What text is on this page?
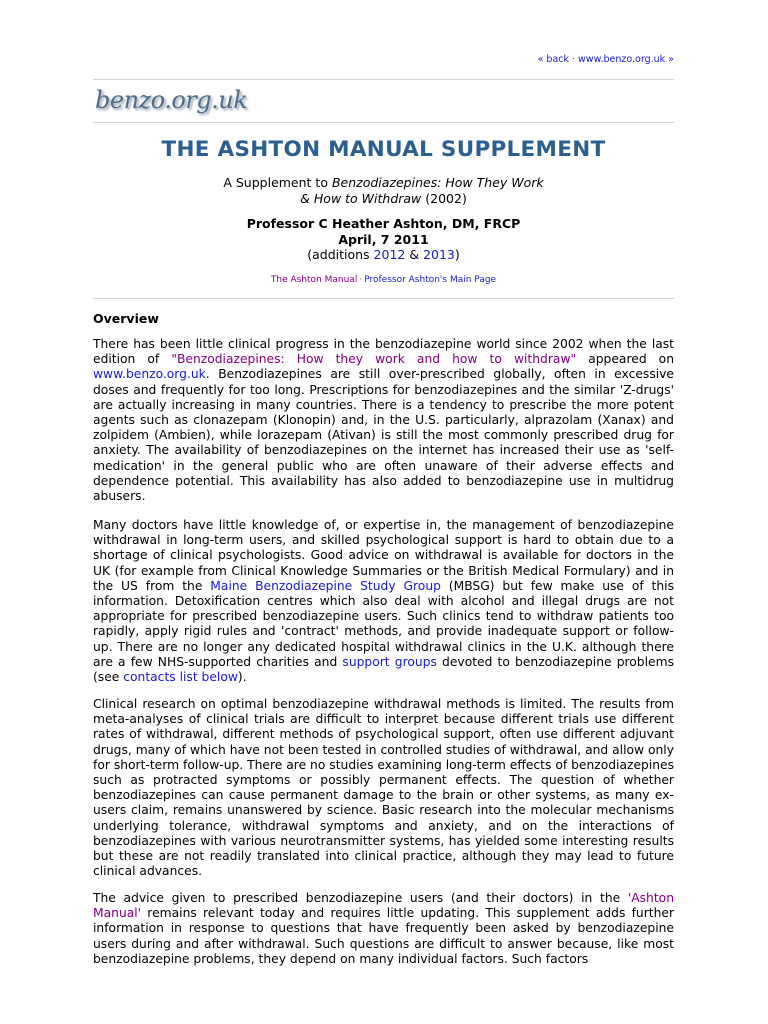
« back · www.benzo.org.uk »
benzo.org.uk
THE ASHTON MANUAL SUPPLEMENT
A Supplement to Benzodiazepines: How They Work
& How to Withdraw (2002)
Professor C Heather Ashton, DM, FRCP
April, 7 2011
(additions 2012 & 2013)
The Ashton Manual · Professor Ashton's Main Page
Overview

There has been little clinical progress in the benzodiazepine world since 2002 when the last edition of "Benzodiazepines: How they work and how to withdraw" appeared on www.benzo.org.uk. Benzodiazepines are still over-prescribed globally, often in excessive doses and frequently for too long. Prescriptions for benzodiazepines and the similar 'Z-drugs' are actually increasing in many countries. There is a tendency to prescribe the more potent agents such as clonazepam (Klonopin) and, in the U.S. particularly, alprazolam (Xanax) and zolpidem (Ambien), while lorazepam (Ativan) is still the most commonly prescribed drug for anxiety. The availability of benzodiazepines on the internet has increased their use as 'self-medication' in the general public who are often unaware of their adverse effects and dependence potential. This availability has also added to benzodiazepine use in multidrug abusers.

Many doctors have little knowledge of, or expertise in, the management of benzodiazepine withdrawal in long-term users, and skilled psychological support is hard to obtain due to a shortage of clinical psychologists. Good advice on withdrawal is available for doctors in the UK (for example from Clinical Knowledge Summaries or the British Medical Formulary) and in the US from the Maine Benzodiazepine Study Group (MBSG) but few make use of this information. Detoxification centres which also deal with alcohol and illegal drugs are not appropriate for prescribed benzodiazepine users. Such clinics tend to withdraw patients too rapidly, apply rigid rules and 'contract' methods, and provide inadequate support or follow-up. There are no longer any dedicated hospital withdrawal clinics in the U.K. although there are a few NHS-supported charities and support groups devoted to benzodiazepine problems (see contacts list below).

Clinical research on optimal benzodiazepine withdrawal methods is limited. The results from meta-analyses of clinical trials are difficult to interpret because different trials use different rates of withdrawal, different methods of psychological support, often use different adjuvant drugs, many of which have not been tested in controlled studies of withdrawal, and allow only for short-term follow-up. There are no studies examining long-term effects of benzodiazepines such as protracted symptoms or possibly permanent effects. The question of whether benzodiazepines can cause permanent damage to the brain or other systems, as many ex-users claim, remains unanswered by science. Basic research into the molecular mechanisms underlying tolerance, withdrawal symptoms and anxiety, and on the interactions of benzodiazepines with various neurotransmitter systems, has yielded some interesting results but these are not readily translated into clinical practice, although they may lead to future clinical advances.

The advice given to prescribed benzodiazepine users (and their doctors) in the 'Ashton Manual' remains relevant today and requires little updating. This supplement adds further information in response to questions that have frequently been asked by benzodiazepine users during and after withdrawal. Such questions are difficult to answer because, like most benzodiazepine problems, they depend on many individual factors. Such factors
